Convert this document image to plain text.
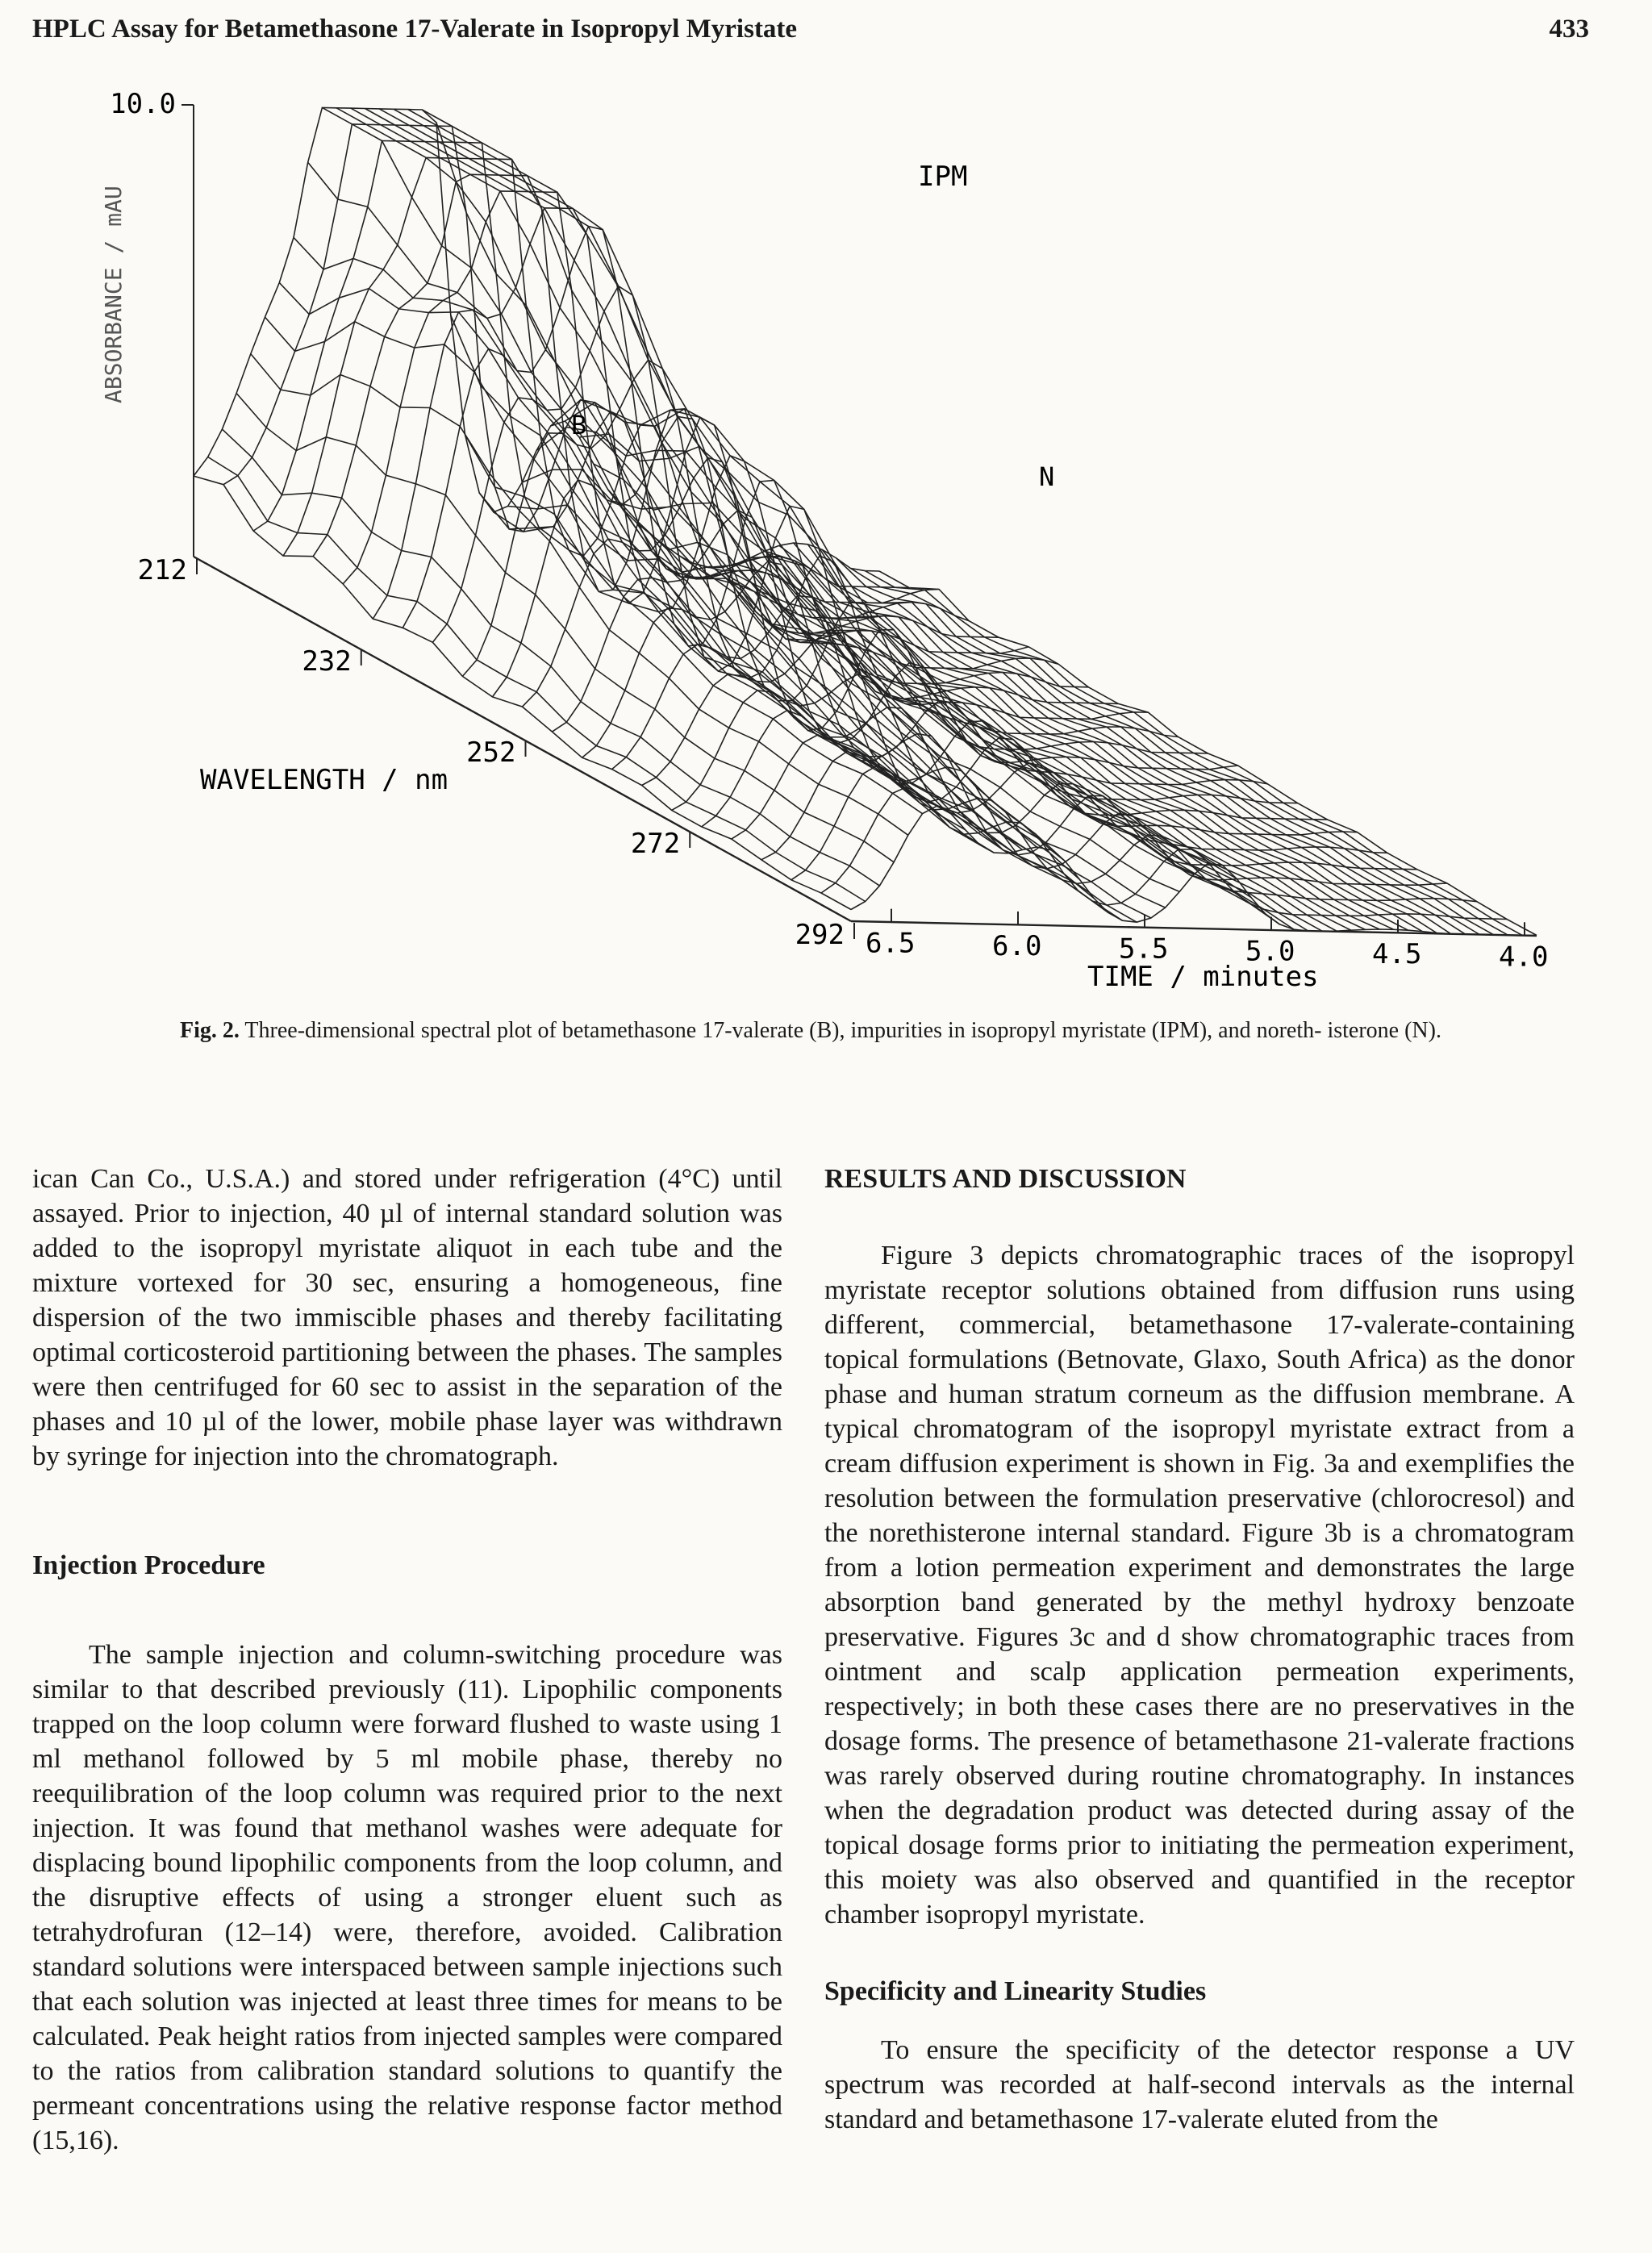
HPLC Assay for Betamethasone 17-Valerate in Isopropyl Myristate	433
10.0
ABSORBANCE / mAU
212
232
252
272
292
WAVELENGTH / nm
6.5	6.0	5.5	5.0	4.5	4.0
TIME / minutes
IPM
B
N
Fig. 2. Three-dimensional spectral plot of betamethasone 17-valerate (B), impurities in isopropyl myristate (IPM), and noreth- isterone (N).

ican Can Co., U.S.A.) and stored under refrigeration (4°C) until assayed. Prior to injection, 40 µl of internal standard solution was added to the isopropyl myristate aliquot in each tube and the mixture vortexed for 30 sec, ensuring a homogeneous, fine dispersion of the two immiscible phases and thereby facilitating optimal corticosteroid partitioning between the phases. The samples were then centrifuged for 60 sec to assist in the separation of the phases and 10 µl of the lower, mobile phase layer was withdrawn by syringe for injection into the chromatograph.

Injection Procedure

The sample injection and column-switching procedure was similar to that described previously (11). Lipophilic components trapped on the loop column were forward flushed to waste using 1 ml methanol followed by 5 ml mobile phase, thereby no reequilibration of the loop column was required prior to the next injection. It was found that methanol washes were adequate for displacing bound lipophilic components from the loop column, and the disruptive effects of using a stronger eluent such as tetrahydrofuran (12–14) were, therefore, avoided. Calibration standard solutions were interspaced between sample injections such that each solution was injected at least three times for means to be calculated. Peak height ratios from injected samples were compared to the ratios from calibration standard solutions to quantify the permeant concentrations using the relative response factor method (15,16).

RESULTS AND DISCUSSION

Figure 3 depicts chromatographic traces of the isopropyl myristate receptor solutions obtained from diffusion runs using different, commercial, betamethasone 17-valerate-containing topical formulations (Betnovate, Glaxo, South Africa) as the donor phase and human stratum corneum as the diffusion membrane. A typical chromatogram of the isopropyl myristate extract from a cream diffusion experiment is shown in Fig. 3a and exemplifies the resolution between the formulation preservative (chlorocresol) and the norethisterone internal standard. Figure 3b is a chromatogram from a lotion permeation experiment and demonstrates the large absorption band generated by the methyl hydroxy benzoate preservative. Figures 3c and d show chromatographic traces from ointment and scalp application permeation experiments, respectively; in both these cases there are no preservatives in the dosage forms. The presence of betamethasone 21-valerate fractions was rarely observed during routine chromatography. In instances when the degradation product was detected during assay of the topical dosage forms prior to initiating the permeation experiment, this moiety was also observed and quantified in the receptor chamber isopropyl myristate.

Specificity and Linearity Studies

To ensure the specificity of the detector response a UV spectrum was recorded at half-second intervals as the internal standard and betamethasone 17-valerate eluted from the
